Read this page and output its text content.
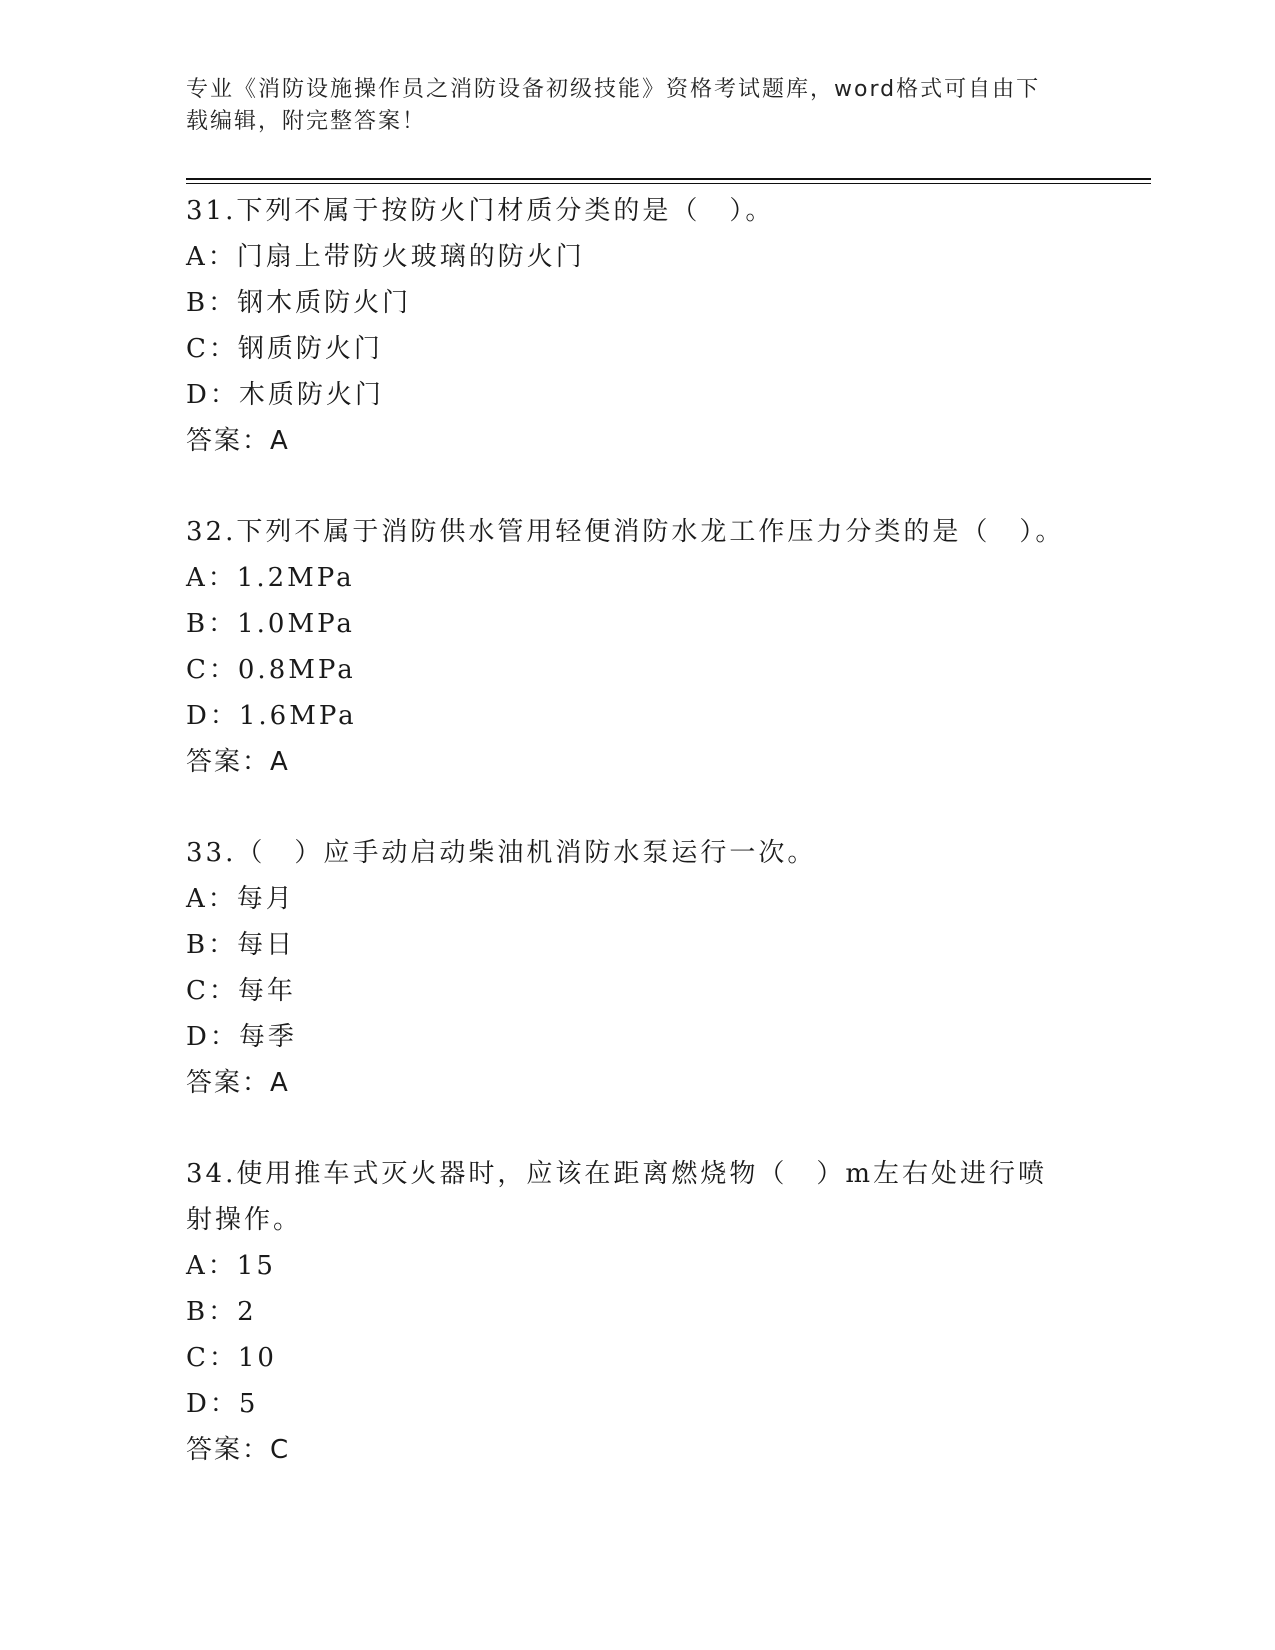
专业《消防设施操作员之消防设备初级技能》资格考试题库，word格式可自由下
载编辑，附完整答案！
31.下列不属于按防火门材质分类的是（　）。
A：门扇上带防火玻璃的防火门
B：钢木质防火门
C：钢质防火门
D：木质防火门
答案：A
32.下列不属于消防供水管用轻便消防水龙工作压力分类的是（　）。
A：1.2MPa
B：1.0MPa
C：0.8MPa
D：1.6MPa
答案：A
33.（　）应手动启动柴油机消防水泵运行一次。
A：每月
B：每日
C：每年
D：每季
答案：A
34.使用推车式灭火器时，应该在距离燃烧物（　）m左右处进行喷射操作。
A：15
B：2
C：10
D：5
答案：C
